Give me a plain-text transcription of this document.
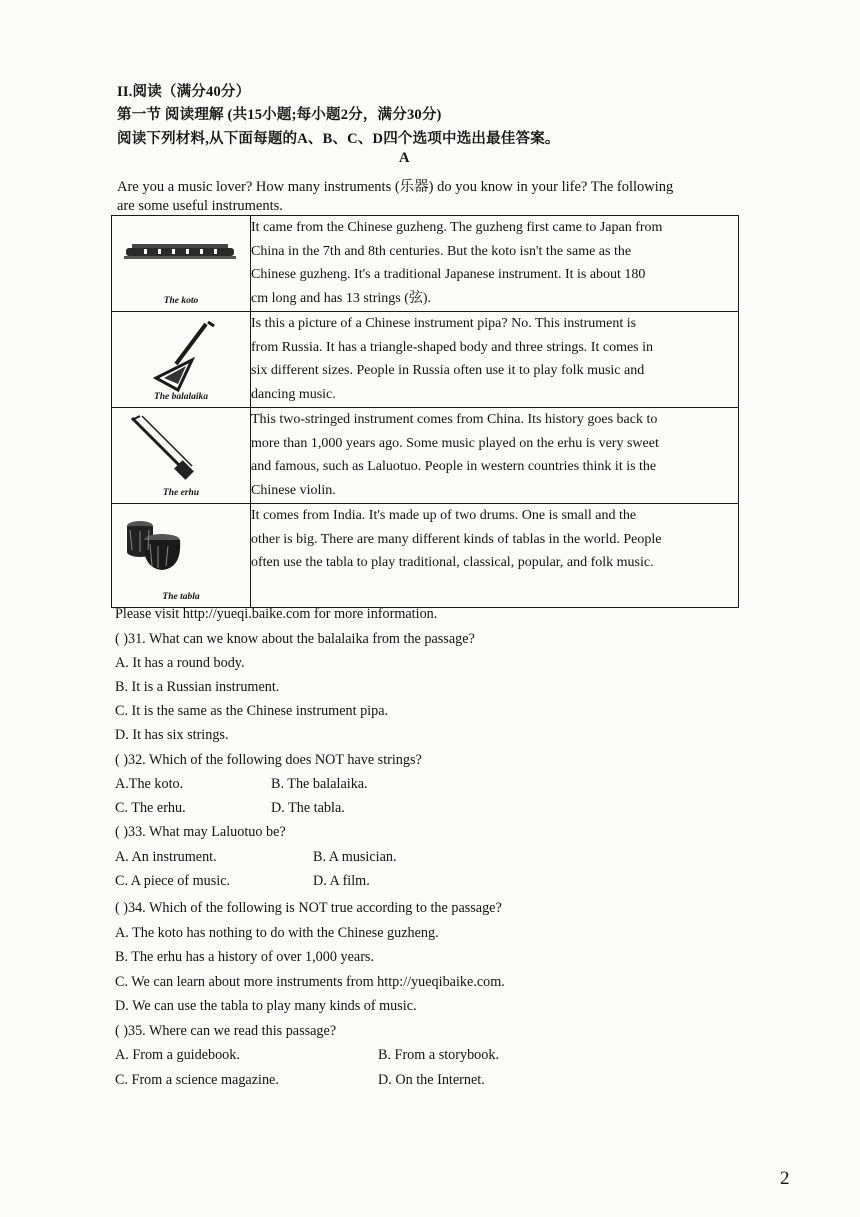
II.阅读（满分40分）
第一节 阅读理解 (共15小题;每小题2分，满分30分)
阅读下列材料,从下面每题的A、B、C、D四个选项中选出最佳答案。
A
Are you a music lover? How many instruments (乐器) do you know in your life? The following
are some useful instruments.
The koto	It came from the Chinese guzheng. The guzheng first came to Japan from
China in the 7th and 8th centuries. But the koto isn't the same as the
Chinese guzheng. It's a traditional Japanese instrument. It is about 180
cm long and has 13 strings (弦).

The balalaika	Is this a picture of a Chinese instrument pipa? No. This instrument is
from Russia. It has a triangle-shaped body and three strings. It comes in
six different sizes. People in Russia often use it to play folk music and
dancing music.

The erhu	This two-stringed instrument comes from China. Its history goes back to
more than 1,000 years ago. Some music played on the erhu is very sweet
and famous, such as Laluotuo. People in western countries think it is the
Chinese violin.

The tabla	It comes from India. It's made up of two drums. One is small and the
other is big. There are many different kinds of tablas in the world. People
often use the tabla to play traditional, classical, popular, and folk music.
Please visit http://yueqi.baike.com for more information.
( )31. What can we know about the balalaika from the passage?
A. It has a round body.
B. It is a Russian instrument.
C. It is the same as the Chinese instrument pipa.
D. It has six strings.
( )32. Which of the following does NOT have strings?
A.The koto.	B. The balalaika.
C. The erhu.	D. The tabla.
( )33. What may Laluotuo be?
A. An instrument.	B. A musician.
C. A piece of music.	D. A film.
( )34. Which of the following is NOT true according to the passage?
A. The koto has nothing to do with the Chinese guzheng.
B. The erhu has a history of over 1,000 years.
C. We can learn about more instruments from http://yueqibaike.com.
D. We can use the tabla to play many kinds of music.
( )35. Where can we read this passage?
A. From a guidebook.	B. From a storybook.
C. From a science magazine.	D. On the Internet.
2
